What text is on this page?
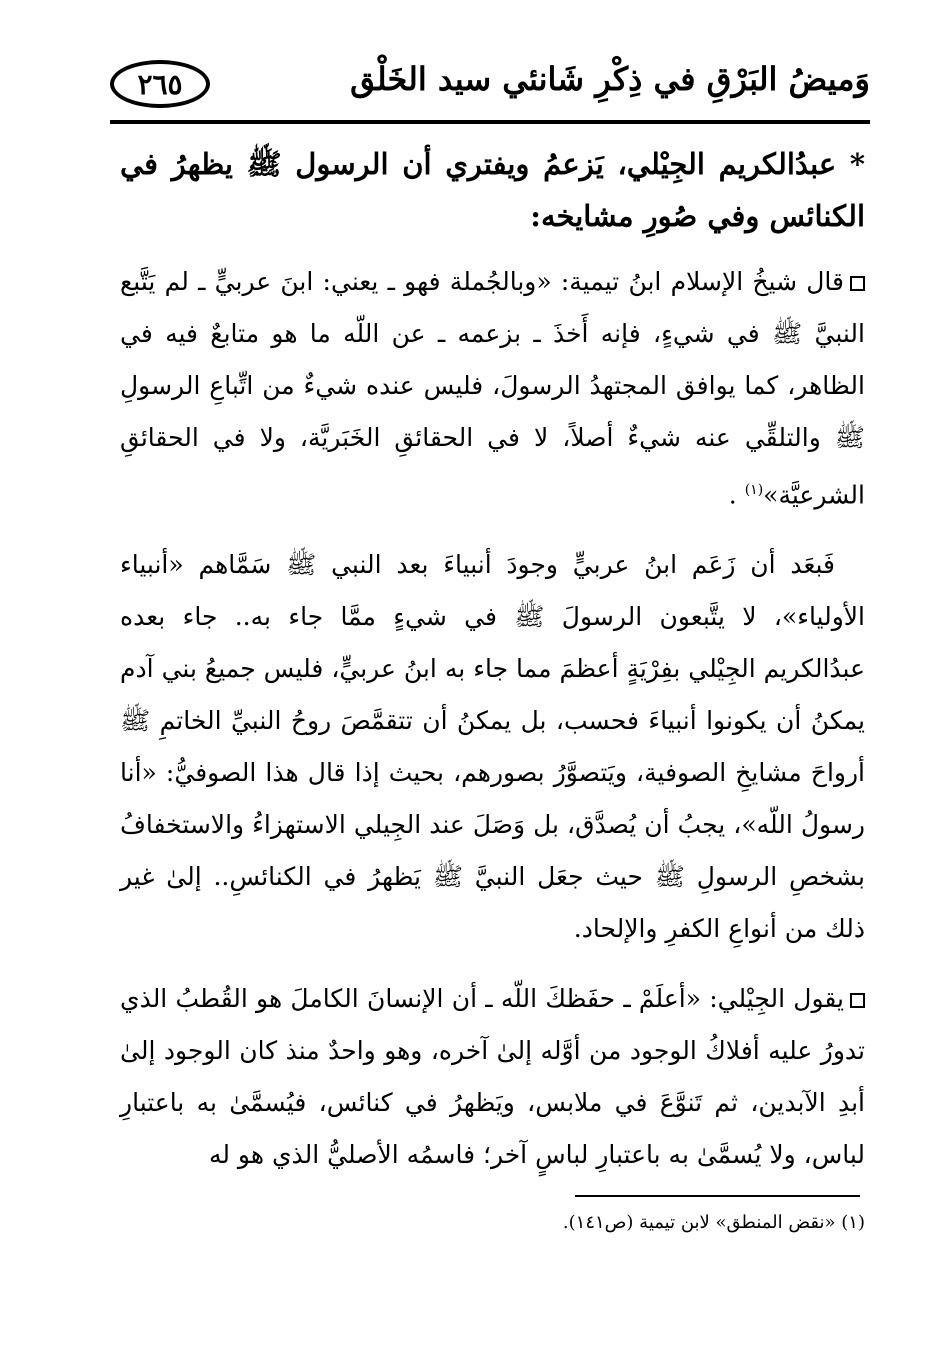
٢٦٥	وَميضُ البَرْقِ في ذِكْرِ شَانئي سيد الخَلْق
* عبدُالكريم الجِيْلي، يَزعمُ ويفتري أن الرسول ﷺ يظهرُ في الكنائس وفي صُورِ مشايخه:

قال شيخُ الإسلام ابنُ تيمية: «وبالجُملة فهو ـ يعني: ابنَ عربيٍّ ـ لم يَتَّبع النبيَّ ﷺ في شيءٍ، فإنه أَخذَ ـ بزعمه ـ عن اللّه ما هو متابعٌ فيه في الظاهر، كما يوافق المجتهدُ الرسولَ، فليس عنده شيءٌ من اتِّباعِ الرسولِ ﷺ والتلقِّي عنه شيءٌ أصلاً، لا في الحقائقِ الخَبَريَّة، ولا في الحقائقِ الشرعيَّة»$^{(١)}$ .

فَبعَد أن زَعَم ابنُ عربيٍّ وجودَ أنبياءَ بعد النبي ﷺ سَمَّاهم «أنبياء الأولياء»، لا يتَّبعون الرسولَ ﷺ في شيءٍ ممَّا جاء به.. جاء بعده عبدُالكريم الجِيْلي بفِرْيَةٍ أعظمَ مما جاء به ابنُ عربيٍّ، فليس جميعُ بني آدم يمكنُ أن يكونوا أنبياءَ فحسب، بل يمكنُ أن تتقمَّصَ روحُ النبيِّ الخاتمِ ﷺ أرواحَ مشايخِ الصوفية، ويَتصوَّرُ بصورهم، بحيث إذا قال هذا الصوفيُّ: «أنا رسولُ اللّه»، يجبُ أن يُصدَّق، بل وَصَلَ عند الجِيلي الاستهزاءُ والاستخفافُ بشخصِ الرسولِ ﷺ حيث جعَل النبيَّ ﷺ يَظهرُ في الكنائسِ.. إلىٰ غير ذلك من أنواعِ الكفرِ والإلحاد.

يقول الجِيْلي: «أعلَمْ ـ حفَظكَ اللّه ـ أن الإنسانَ الكاملَ هو القُطبُ الذي تدورُ عليه أفلاكُ الوجود من أوَّله إلىٰ آخره، وهو واحدٌ منذ كان الوجود إلىٰ أبدِ الآبدين، ثم تَنوَّعَ في ملابس، ويَظهرُ في كنائس، فيُسمَّىٰ به باعتبارِ لباس، ولا يُسمَّىٰ به باعتبارِ لباسٍ آخر؛ فاسمُه الأصليُّ الذي هو له

(١) «نقض المنطق» لابن تيمية (ص١٤١).
